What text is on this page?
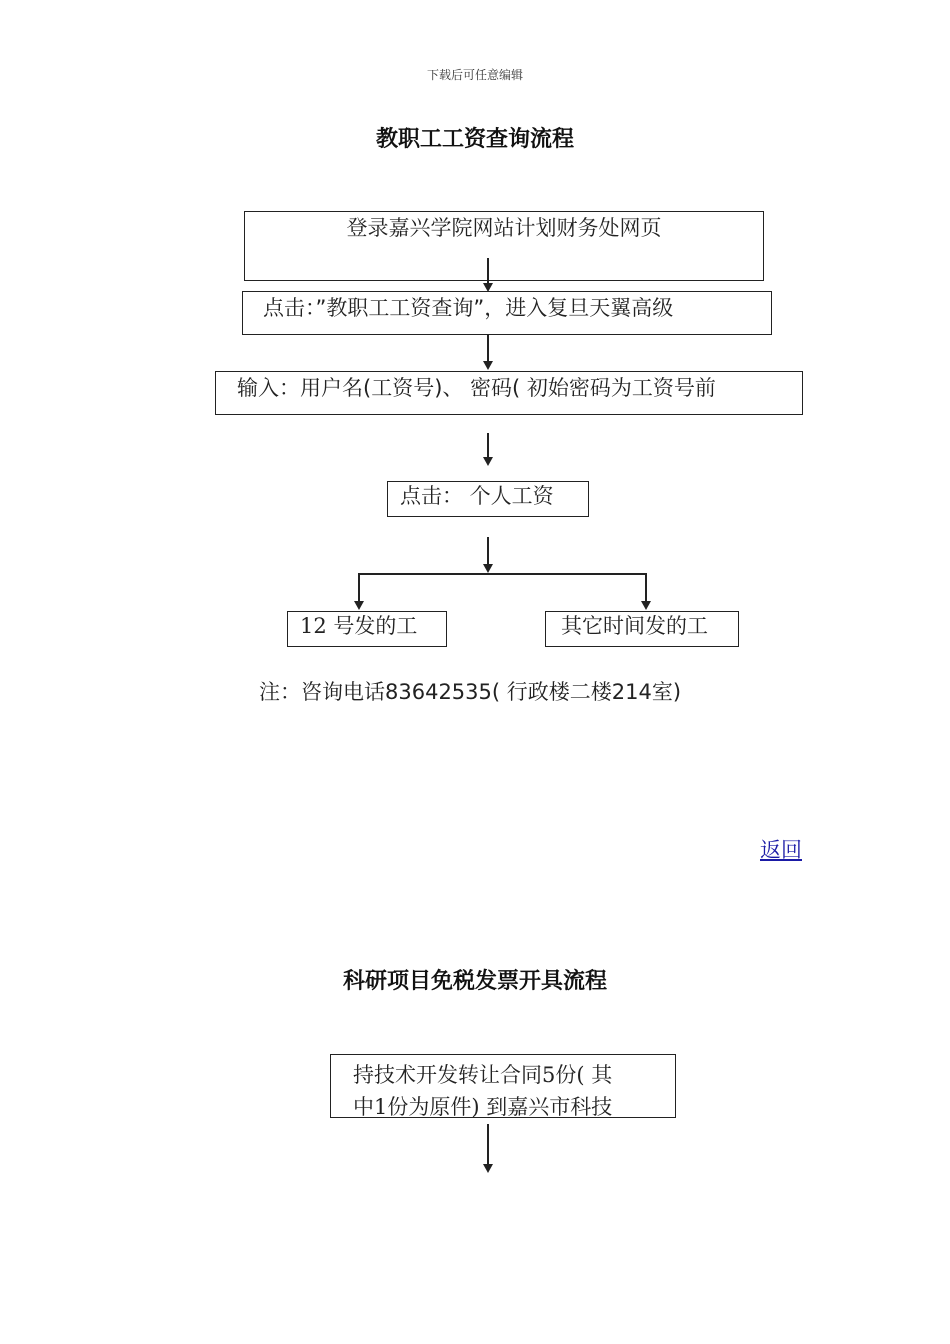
下载后可任意编辑
教职工工资查询流程
登录嘉兴学院网站计划财务处网页
点击：”教职工工资查询”，进入复旦天翼高级
输入：用户名(工资号)、 密码( 初始密码为工资号前
点击： 个人工资
12 号发的工	其它时间发的工
注：咨询电话83642535( 行政楼二楼214室)
返回
科研项目免税发票开具流程
持技术开发转让合同5份( 其
中1份为原件) 到嘉兴市科技
